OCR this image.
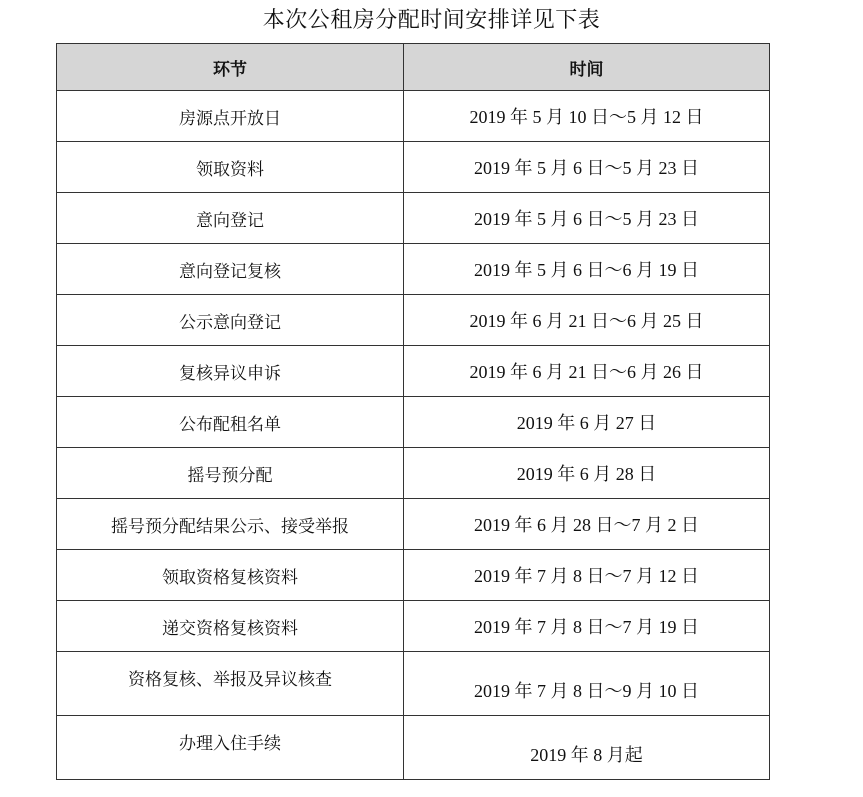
本次公租房分配时间安排详见下表
环节	时间
房源点开放日	2019 年 5 月 10 日～5 月 12 日
领取资料	2019 年 5 月 6 日～5 月 23 日
意向登记	2019 年 5 月 6 日～5 月 23 日
意向登记复核	2019 年 5 月 6 日～6 月 19 日
公示意向登记	2019 年 6 月 21 日～6 月 25 日
复核异议申诉	2019 年 6 月 21 日～6 月 26 日
公布配租名单	2019 年 6 月 27 日
摇号预分配	2019 年 6 月 28 日
摇号预分配结果公示、接受举报	2019 年 6 月 28 日～7 月 2 日
领取资格复核资料	2019 年 7 月 8 日～7 月 12 日
递交资格复核资料	2019 年 7 月 8 日～7 月 19 日

资格复核、举报及异议核查	2019 年 7 月 8 日～9 月 10 日

办理入住手续	2019 年 8 月起
